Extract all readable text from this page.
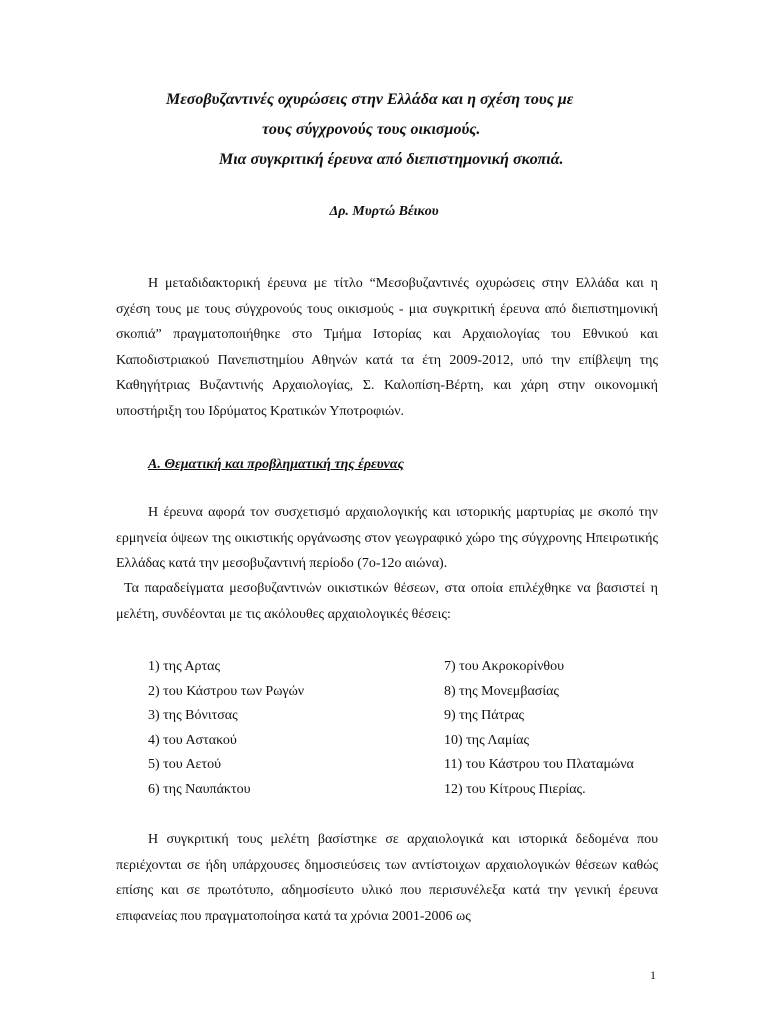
Μεσοβυζαντινές οχυρώσεις στην Ελλάδα και η σχέση τους με
τους σύγχρονούς τους οικισμούς.
Μια συγκριτική έρευνα από διεπιστημονική σκοπιά.
Δρ. Μυρτώ Βέικου

Η μεταδιδακτορική έρευνα με τίτλο “Μεσοβυζαντινές οχυρώσεις στην Ελλάδα και η σχέση τους με τους σύγχρονούς τους οικισμούς - μια συγκριτική έρευνα από διεπιστημονική σκοπιά” πραγματοποιήθηκε στο Τμήμα Ιστορίας και Αρχαιολογίας του Εθνικού και Καποδιστριακού Πανεπιστημίου Αθηνών κατά τα έτη 2009-2012, υπό την επίβλεψη της Καθηγήτριας Βυζαντινής Αρχαιολογίας, Σ. Καλοπίση-Βέρτη, και χάρη στην οικονομική υποστήριξη του Ιδρύματος Κρατικών Υποτροφιών.

Α. Θεματική και προβληματική της έρευνας

Η έρευνα αφορά τον συσχετισμό αρχαιολογικής και ιστορικής μαρτυρίας με σκοπό την ερμηνεία όψεων της οικιστικής οργάνωσης στον γεωγραφικό χώρο της σύγχρονης Ηπειρωτικής Ελλάδας κατά την μεσοβυζαντινή περίοδο (7ο-12ο αιώνα).

Τα παραδείγματα μεσοβυζαντινών οικιστικών θέσεων, στα οποία επιλέχθηκε να βασιστεί η μελέτη, συνδέονται με τις ακόλουθες αρχαιολογικές θέσεις:

1) της Αρτας
2) του Κάστρου των Ρωγών
3) της Βόνιτσας
4) του Αστακού
5) του Αετού
6) της Ναυπάκτου
7) του Ακροκορίνθου
8) της Μονεμβασίας
9) της Πάτρας
10) της Λαμίας
11) του Κάστρου του Πλαταμώνα
12) του Κίτρους Πιερίας.

Η συγκριτική τους μελέτη βασίστηκε σε αρχαιολογικά και ιστορικά δεδομένα που περιέχονται σε ήδη υπάρχουσες δημοσιεύσεις των αντίστοιχων αρχαιολογικών θέσεων καθώς επίσης και σε πρωτότυπο, αδημοσίευτο υλικό που περισυνέλεξα κατά την γενική έρευνα επιφανείας που πραγματοποίησα κατά τα χρόνια 2001-2006 ως

1
